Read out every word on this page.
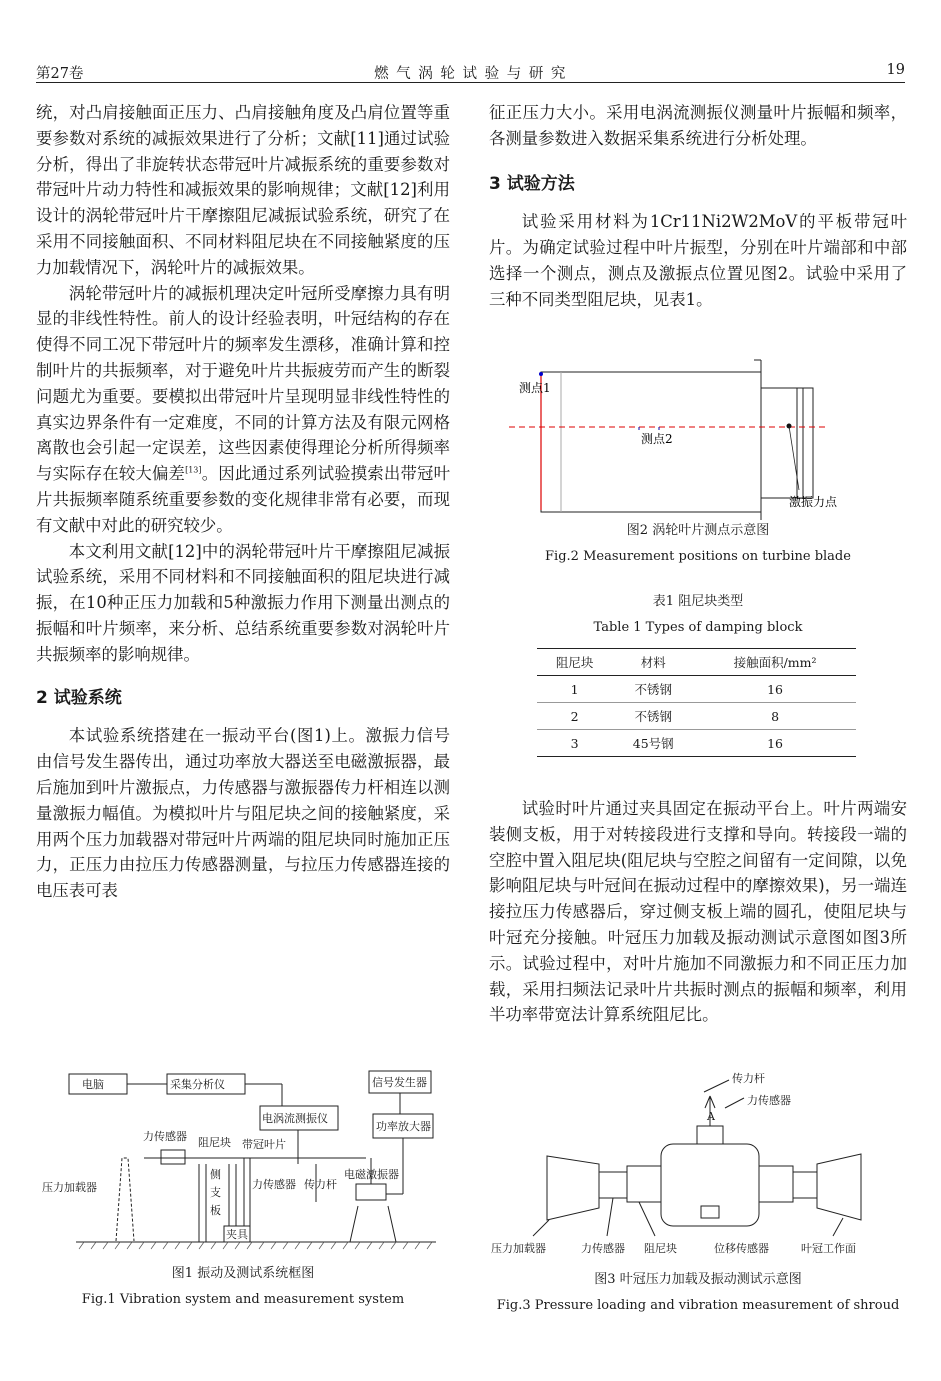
第27卷	燃 气 涡 轮 试 验 与 研 究	19

统，对凸肩接触面正压力、凸肩接触角度及凸肩位置等重要参数对系统的减振效果进行了分析；文献[11]通过试验分析，得出了非旋转状态带冠叶片减振系统的重要参数对带冠叶片动力特性和减振效果的影响规律；文献[12]利用设计的涡轮带冠叶片干摩擦阻尼减振试验系统，研究了在采用不同接触面积、不同材料阻尼块在不同接触紧度的压力加载情况下，涡轮叶片的减振效果。

涡轮带冠叶片的减振机理决定叶冠所受摩擦力具有明显的非线性特性。前人的设计经验表明，叶冠结构的存在使得不同工况下带冠叶片的频率发生漂移，准确计算和控制叶片的共振频率，对于避免叶片共振疲劳而产生的断裂问题尤为重要。要模拟出带冠叶片呈现明显非线性特性的真实边界条件有一定难度，不同的计算方法及有限元网格离散也会引起一定误差，这些因素使得理论分析所得频率与实际存在较大偏差[13]。因此通过系列试验摸索出带冠叶片共振频率随系统重要参数的变化规律非常有必要，而现有文献中对此的研究较少。

本文利用文献[12]中的涡轮带冠叶片干摩擦阻尼减振试验系统，采用不同材料和不同接触面积的阻尼块进行减振，在10种正压力加载和5种激振力作用下测量出测点的振幅和叶片频率，来分析、总结系统重要参数对涡轮叶片共振频率的影响规律。

2 试验系统

本试验系统搭建在一振动平台(图1)上。激振力信号由信号发生器传出，通过功率放大器送至电磁激振器，最后施加到叶片激振点，力传感器与激振器传力杆相连以测量激振力幅值。为模拟叶片与阻尼块之间的接触紧度，采用两个压力加载器对带冠叶片两端的阻尼块同时施加正压力，正压力由拉压力传感器测量，与拉压力传感器连接的电压表可表

征正压力大小。采用电涡流测振仪测量叶片振幅和频率，各测量参数进入数据采集系统进行分析处理。

3 试验方法

试验采用材料为1Cr11Ni2W2MoV的平板带冠叶片。为确定试验过程中叶片振型，分别在叶片端部和中部选择一个测点，测点及激振点位置见图2。试验中采用了三种不同类型阻尼块，见表1。

测点1
测点2
激振力点
图2 涡轮叶片测点示意图
Fig.2 Measurement positions on turbine blade
表1 阻尼块类型
Table 1 Types of damping block
阻尼块	材料	接触面积/mm²
1	不锈钢	16
2	不锈钢	8
3	45号钢	16

试验时叶片通过夹具固定在振动平台上。叶片两端安装侧支板，用于对转接段进行支撑和导向。转接段一端的空腔中置入阻尼块(阻尼块与空腔之间留有一定间隙，以免影响阻尼块与叶冠间在振动过程中的摩擦效果)，另一端连接拉压力传感器后，穿过侧支板上端的圆孔，使阻尼块与叶冠充分接触。叶冠压力加载及振动测试示意图如图3所示。试验过程中，对叶片施加不同激振力和不同正压力加载，采用扫频法记录叶片共振时测点的振幅和频率，利用半功率带宽法计算系统阻尼比。

电脑	采集分析仪	信号发生器
电涡流测振仪
功率放大器
力传感器 阻尼块 带冠叶片
压力加载器
侧
支
板
力传感器 传力杆
电磁激振器
夹具
图1 振动及测试系统框图
Fig.1 Vibration system and measurement system
传力杆
力传感器
A
压力加载器	力传感器 阻尼块	位移传感器	叶冠工作面
图3 叶冠压力加载及振动测试示意图
Fig.3 Pressure loading and vibration measurement of shroud
